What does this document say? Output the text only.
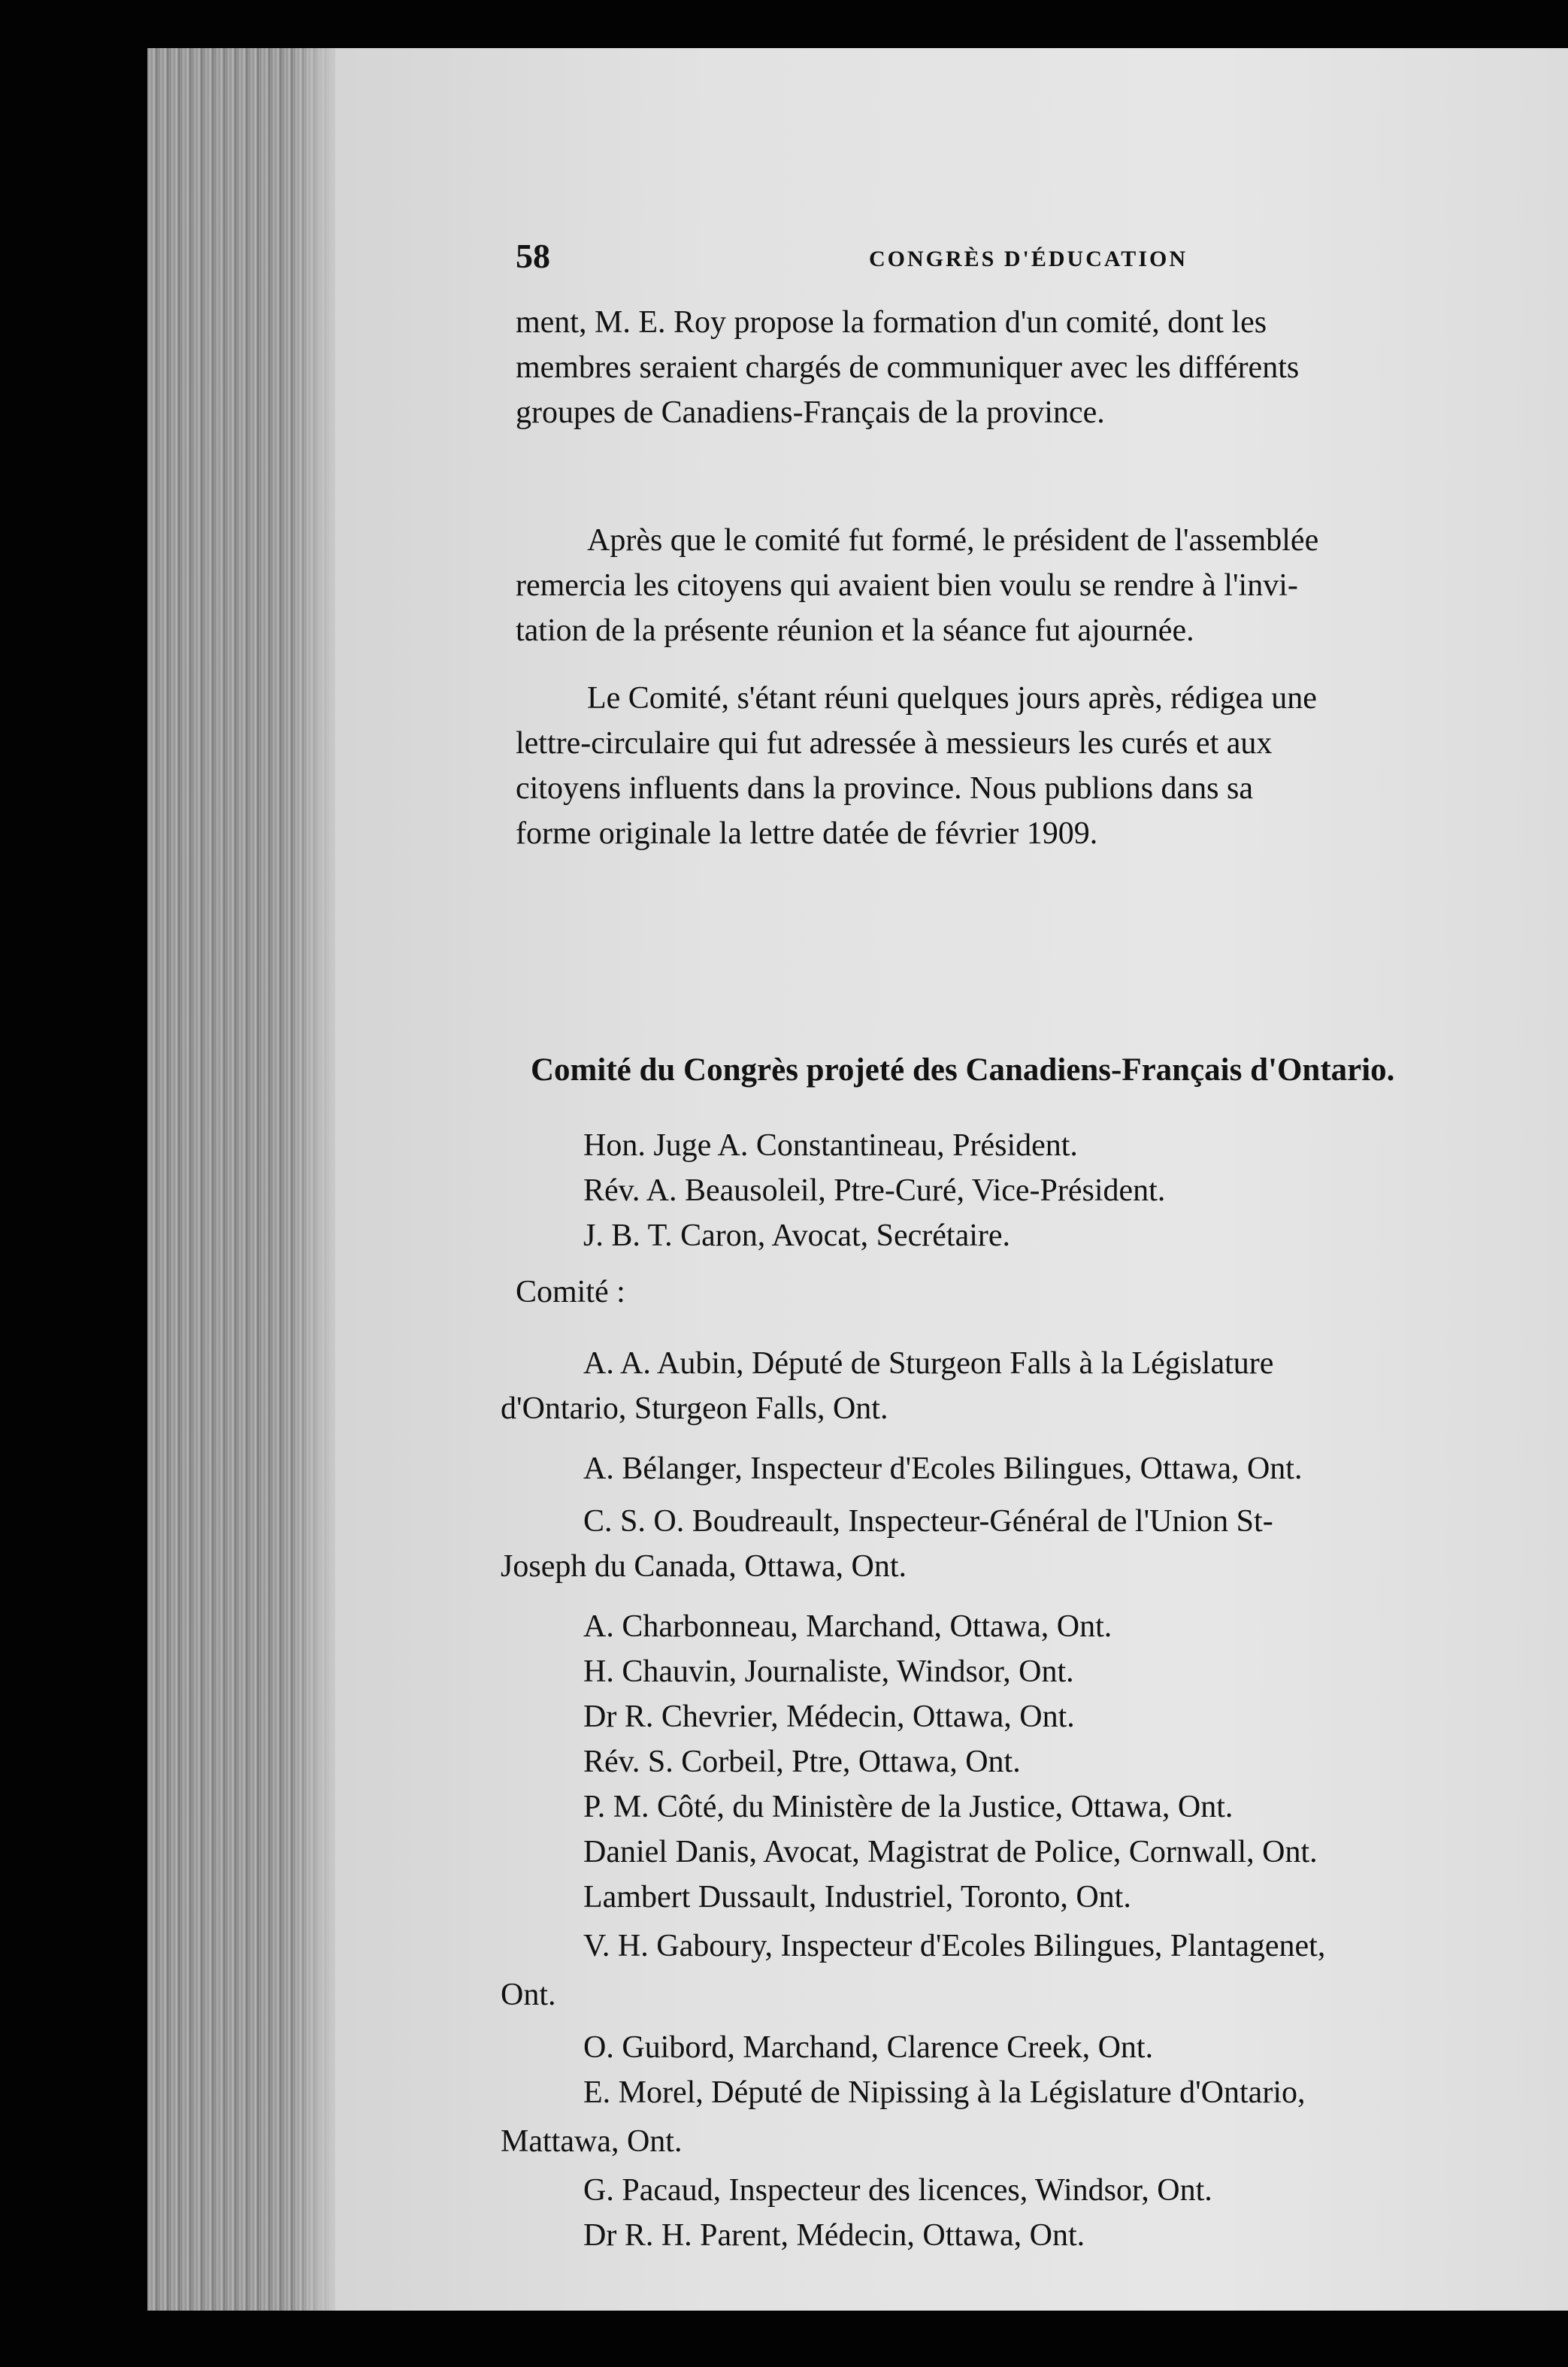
58	CONGRÈS D'ÉDUCATION
ment, M. E. Roy propose la formation d'un comité, dont les
membres seraient chargés de communiquer avec les différents
groupes de Canadiens-Français de la province.
Après que le comité fut formé, le président de l'assemblée
remercia les citoyens qui avaient bien voulu se rendre à l'invi-
tation de la présente réunion et la séance fut ajournée.
Le Comité, s'étant réuni quelques jours après, rédigea une
lettre-circulaire qui fut adressée à messieurs les curés et aux
citoyens influents dans la province. Nous publions dans sa
forme originale la lettre datée de février 1909.
Comité du Congrès projeté des Canadiens-Français d'Ontario.
Hon. Juge A. Constantineau, Président.
Rév. A. Beausoleil, Ptre-Curé, Vice-Président.
J. B. T. Caron, Avocat, Secrétaire.
Comité :
A. A. Aubin, Député de Sturgeon Falls à la Législature
d'Ontario, Sturgeon Falls, Ont.
A. Bélanger, Inspecteur d'Ecoles Bilingues, Ottawa, Ont.
C. S. O. Boudreault, Inspecteur-Général de l'Union St-
Joseph du Canada, Ottawa, Ont.
A. Charbonneau, Marchand, Ottawa, Ont.
H. Chauvin, Journaliste, Windsor, Ont.
Dr R. Chevrier, Médecin, Ottawa, Ont.
Rév. S. Corbeil, Ptre, Ottawa, Ont.
P. M. Côté, du Ministère de la Justice, Ottawa, Ont.
Daniel Danis, Avocat, Magistrat de Police, Cornwall, Ont.
Lambert Dussault, Industriel, Toronto, Ont.
V. H. Gaboury, Inspecteur d'Ecoles Bilingues, Plantagenet,
Ont.
O. Guibord, Marchand, Clarence Creek, Ont.
E. Morel, Député de Nipissing à la Législature d'Ontario,
Mattawa, Ont.
G. Pacaud, Inspecteur des licences, Windsor, Ont.
Dr R. H. Parent, Médecin, Ottawa, Ont.
